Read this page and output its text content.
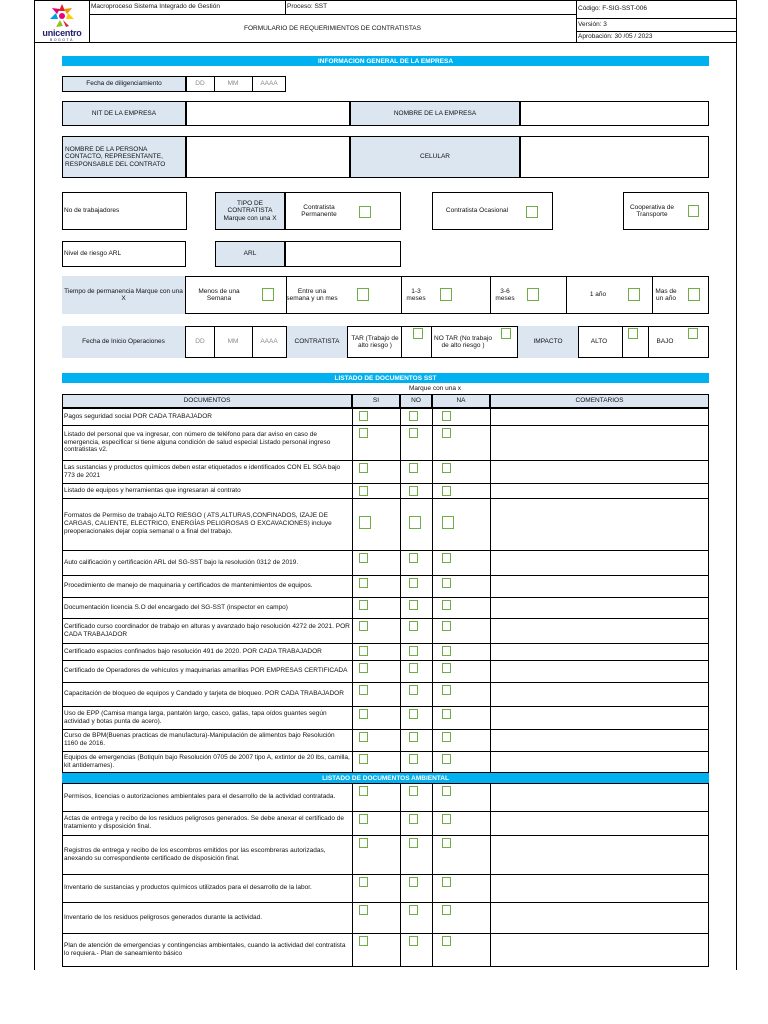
unicentro
BOGOTÁ
Macroproceso Sistema Integrado de Gestión	Proceso: SST
FORMULARIO DE REQUERIMIENTOS DE CONTRATISTAS
Código: F-SIG-SST-006
Versión: 3
Aprobación: 30 /05 / 2023
INFORMACION GENERAL DE LA EMPRESA
Fecha de diligenciamiento	DD	MM	AAAA
NIT DE LA EMPRESA	NOMBRE DE LA EMPRESA
NOMBRE DE LA PERSONA CONTACTO, REPRESENTANTE, RESPONSABLE DEL CONTRATO
CELULAR
No de trabajadores
TIPO DE CONTRATISTA Marque con una X
Contratista Permanente
Contratista Ocasional
Cooperativa de Transporte
Nivel de riesgo ARL	ARL
Tiempo de permanencia Marque con una X
Menos de una Semana
Entre una semana y un mes
1-3 meses
3-6 meses
1 año
Mas de un año
Fecha de Inicio Operaciones	DD	MM	AAAA	CONTRATISTA
TAR (Trabajo de alto riesgo )
NO TAR (No trabajo de alto riesgo )
IMPACTO	ALTO	BAJO
LISTADO DE DOCUMENTOS SST
Marque con una x
DOCUMENTOS	SI	NO	NA	COMENTARIOS
Pagos seguridad social POR CADA TRABAJADOR
Listado del personal que va ingresar, con número de teléfono para dar aviso en caso de emergencia, especificar si tiene alguna condición de salud especial Listado personal ingreso contratistas v2.
Las sustancias y productos químicos deben estar etiquetados e identificados CON EL SGA bajo 773 de 2021
Listado de equipos y herramientas que ingresaran al contrato
Formatos de Permiso de trabajo ALTO RIESGO ( ATS,ALTURAS,CONFINADOS, IZAJE DE CARGAS, CALIENTE, ELECTRICO, ENERGÍAS PELIGROSAS O EXCAVACIONES) incluye preoperacionales dejar copia semanal o a final del trabajo.
Auto calificación y certificación ARL del SG-SST bajo la resolución 0312 de 2019.
Procedimiento de manejo de maquinaria y certificados de mantenimientos de equipos.
Documentación licencia S.O del encargado del SG-SST (inspector en campo)
Certificado curso coordinador de trabajo en alturas y avanzado bajo resolución 4272 de 2021. POR CADA TRABAJADOR
Certificado espacios confinados bajo resolución 491 de 2020. POR CADA TRABAJADOR
Certificado de Operadores de vehículos y maquinarias amarillas POR EMPRESAS CERTIFICADA
Capacitación de bloqueo de equipos y Candado y tarjeta de bloqueo. POR CADA TRABAJADOR
Uso de EPP (Camisa manga larga, pantalón largo, casco, gafas, tapa oídos guantes según actividad y botas punta de acero).
Curso de BPM(Buenas practicas de manufactura)-Manipulación de alimentos bajo Resolución 1160 de 2016.
Equipos de emergencias (Botiquín bajo Resolución 0705 de 2007 tipo A, extintor de 20 lbs, camilla, kit antiderrames).
LISTADO DE DOCUMENTOS AMBIENTAL
Permisos, licencias o autorizaciones ambientales para el desarrollo de la actividad contratada.
Actas de entrega y recibo de los residuos peligrosos generados. Se debe anexar el certificado de tratamiento y disposición final.
Registros de entrega y recibo de los escombros emitidos por las escombreras autorizadas, anexando su correspondiente certificado de disposición final.
Inventario de sustancias y productos químicos utilizados para el desarrollo de la labor.
Inventario de los residuos peligrosos generados durante la actividad.
Plan de atención de emergencias y contingencias ambientales, cuando la actividad del contratista lo requiera.- Plan de saneamiento básico
